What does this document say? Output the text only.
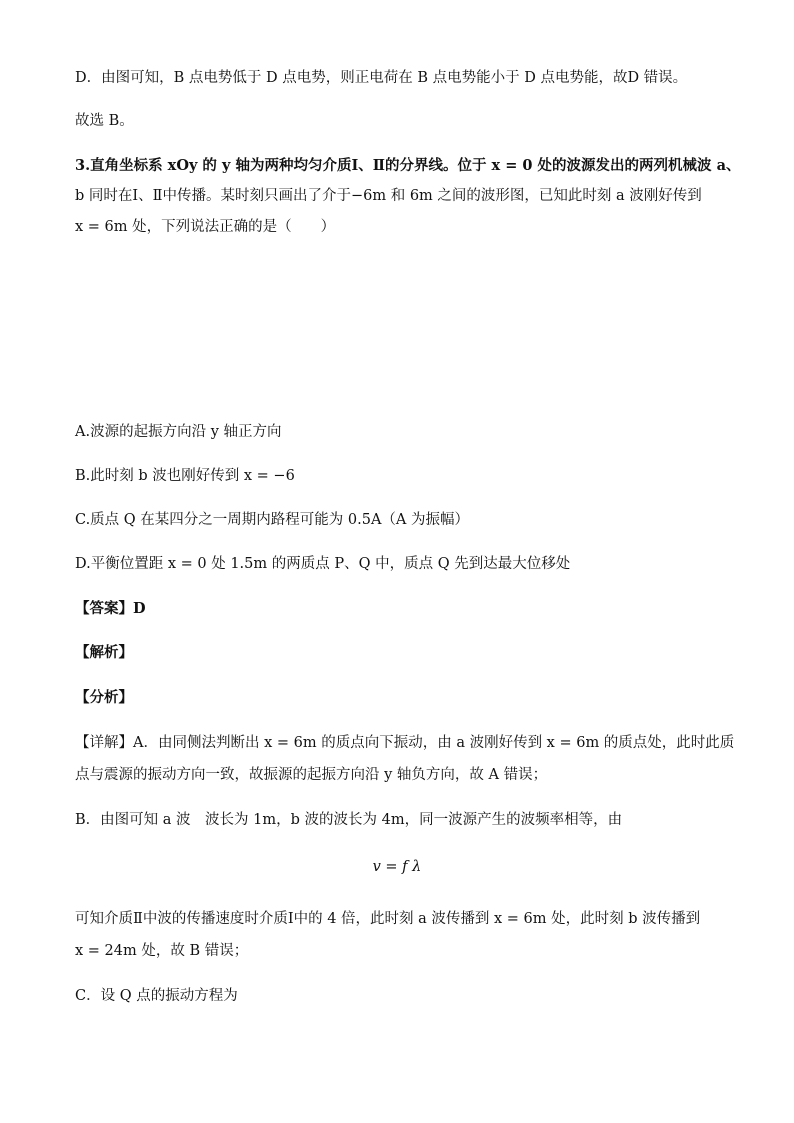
D．由图可知，B 点电势低于 D 点电势，则正电荷在 B 点电势能小于 D 点电势能，故D 错误。
故选 B。
3.直角坐标系 xOy 的 y 轴为两种均匀介质Ⅰ、Ⅱ的分界线。位于 x = 0 处的波源发出的两列机械波 a、
b 同时在Ⅰ、Ⅱ中传播。某时刻只画出了介于−6m 和 6m 之间的波形图，已知此时刻 a 波刚好传到
x = 6m 处，下列说法正确的是（　　）
A.波源的起振方向沿 y 轴正方向
B.此时刻 b 波也刚好传到 x = −6
C.质点 Q 在某四分之一周期内路程可能为 0.5A（A 为振幅）
D.平衡位置距 x = 0 处 1.5m 的两质点 P、Q 中，质点 Q 先到达最大位移处
【答案】D
【解析】
【分析】
【详解】A．由同侧法判断出 x = 6m 的质点向下振动，由 a 波刚好传到 x = 6m 的质点处，此时此质
点与震源的振动方向一致，故振源的起振方向沿 y 轴负方向，故 A 错误；
B．由图可知 a 波　波长为 1m，b 波的波长为 4m，同一波源产生的波频率相等，由
v = f λ
可知介质Ⅱ中波的传播速度时介质Ⅰ中的 4 倍，此时刻 a 波传播到 x = 6m 处，此时刻 b 波传播到
x = 24m 处，故 B 错误；
C．设 Q 点的振动方程为
